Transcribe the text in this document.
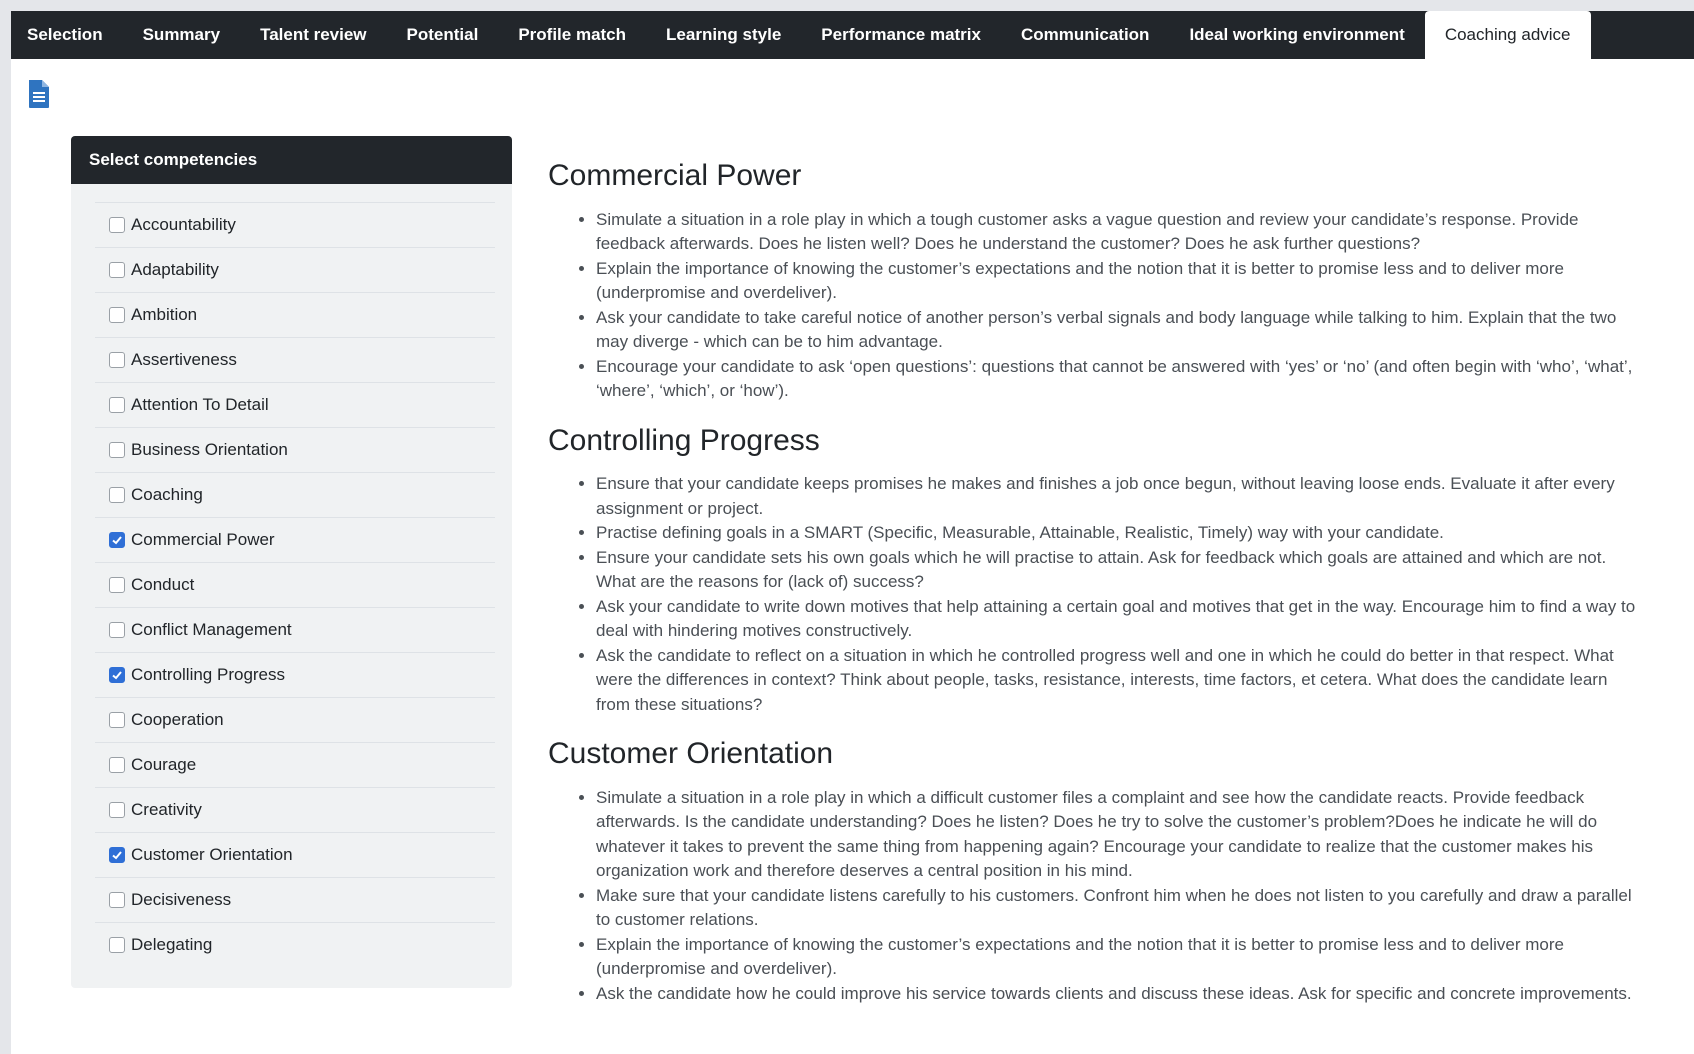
Selection	Summary	Talent review	Potential	Profile match	Learning style	Performance matrix	Communication	Ideal working environment	Coaching advice
Select competencies
Accountability
Adaptability
Ambition
Assertiveness
Attention To Detail
Business Orientation
Coaching
Commercial Power
Conduct
Conflict Management
Controlling Progress
Cooperation
Courage
Creativity
Customer Orientation
Decisiveness
Delegating
Commercial Power
• Simulate a situation in a role play in which a tough customer asks a vague question and review your candidate’s response. Provide feedback afterwards. Does he listen well? Does he understand the customer? Does he ask further questions?
• Explain the importance of knowing the customer’s expectations and the notion that it is better to promise less and to deliver more (underpromise and overdeliver).
• Ask your candidate to take careful notice of another person’s verbal signals and body language while talking to him. Explain that the two may diverge - which can be to him advantage.
• Encourage your candidate to ask ‘open questions’: questions that cannot be answered with ‘yes’ or ‘no’ (and often begin with ‘who’, ‘what’, ‘where’, ‘which’, or ‘how’).
Controlling Progress
• Ensure that your candidate keeps promises he makes and finishes a job once begun, without leaving loose ends. Evaluate it after every assignment or project.
• Practise defining goals in a SMART (Specific, Measurable, Attainable, Realistic, Timely) way with your candidate.
• Ensure your candidate sets his own goals which he will practise to attain. Ask for feedback which goals are attained and which are not. What are the reasons for (lack of) success?
• Ask your candidate to write down motives that help attaining a certain goal and motives that get in the way. Encourage him to find a way to deal with hindering motives constructively.
• Ask the candidate to reflect on a situation in which he controlled progress well and one in which he could do better in that respect. What were the differences in context? Think about people, tasks, resistance, interests, time factors, et cetera. What does the candidate learn from these situations?
Customer Orientation
• Simulate a situation in a role play in which a difficult customer files a complaint and see how the candidate reacts. Provide feedback afterwards. Is the candidate understanding? Does he listen? Does he try to solve the customer’s problem?Does he indicate he will do whatever it takes to prevent the same thing from happening again? Encourage your candidate to realize that the customer makes his organization work and therefore deserves a central position in his mind.
• Make sure that your candidate listens carefully to his customers. Confront him when he does not listen to you carefully and draw a parallel to customer relations.
• Explain the importance of knowing the customer’s expectations and the notion that it is better to promise less and to deliver more (underpromise and overdeliver).
• Ask the candidate how he could improve his service towards clients and discuss these ideas. Ask for specific and concrete improvements.
